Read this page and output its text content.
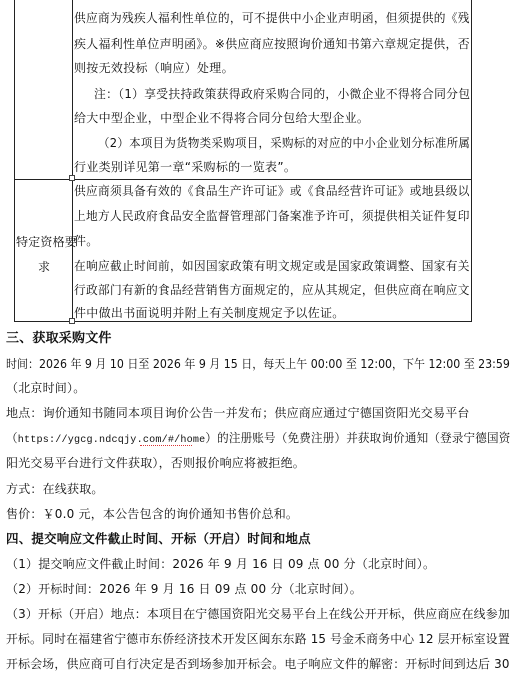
供应商为残疾人福利性单位的，可不提供中小企业声明函，但须提供的《残
疾人福利性单位声明函》。※供应商应按照询价通知书第六章规定提供，否
则按无效投标（响应）处理。
注：（1）享受扶持政策获得政府采购合同的，小微企业不得将合同分包
给大中型企业，中型企业不得将合同分包给大型企业。
（2）本项目为货物类采购项目，采购标的对应的中小企业划分标准所属
行业类别详见第一章“采购标的一览表”。
特定资格要
求
供应商须具备有效的《食品生产许可证》或《食品经营许可证》或地县级以
上地方人民政府食品安全监督管理部门备案准予许可，须提供相关证件复印
件。
在响应截止时间前，如因国家政策有明文规定或是国家政策调整、国家有关
行政部门有新的食品经营销售方面规定的，应从其规定，但供应商在响应文
件中做出书面说明并附上有关制度规定予以佐证。
三、获取采购文件
时间：2026 年 9 月 10 日至 2026 年 9 月 15 日，每天上午 00:00 至 12:00，下午 12:00 至 23:59
（北京时间）。
地点：询价通知书随同本项目询价公告一并发布；供应商应通过宁德国资阳光交易平台
（https://ygcg.ndcqjy.com/#/home）的注册账号（免费注册）并获取询价通知（登录宁德国资
阳光交易平台进行文件获取），否则报价响应将被拒绝。
方式：在线获取。
售价：￥0.0 元，本公告包含的询价通知书售价总和。
四、提交响应文件截止时间、开标（开启）时间和地点
（1）提交响应文件截止时间：2026 年 9 月 16 日 09 点 00 分（北京时间）。
（2）开标时间：2026 年 9 月 16 日 09 点 00 分（北京时间）。
（3）开标（开启）地点：本项目在宁德国资阳光交易平台上在线公开开标，供应商应在线参加
开标。同时在福建省宁德市东侨经济技术开发区闽东东路 15 号金禾商务中心 12 层开标室设置
开标会场，供应商可自行决定是否到场参加开标会。电子响应文件的解密：开标时间到达后 30
